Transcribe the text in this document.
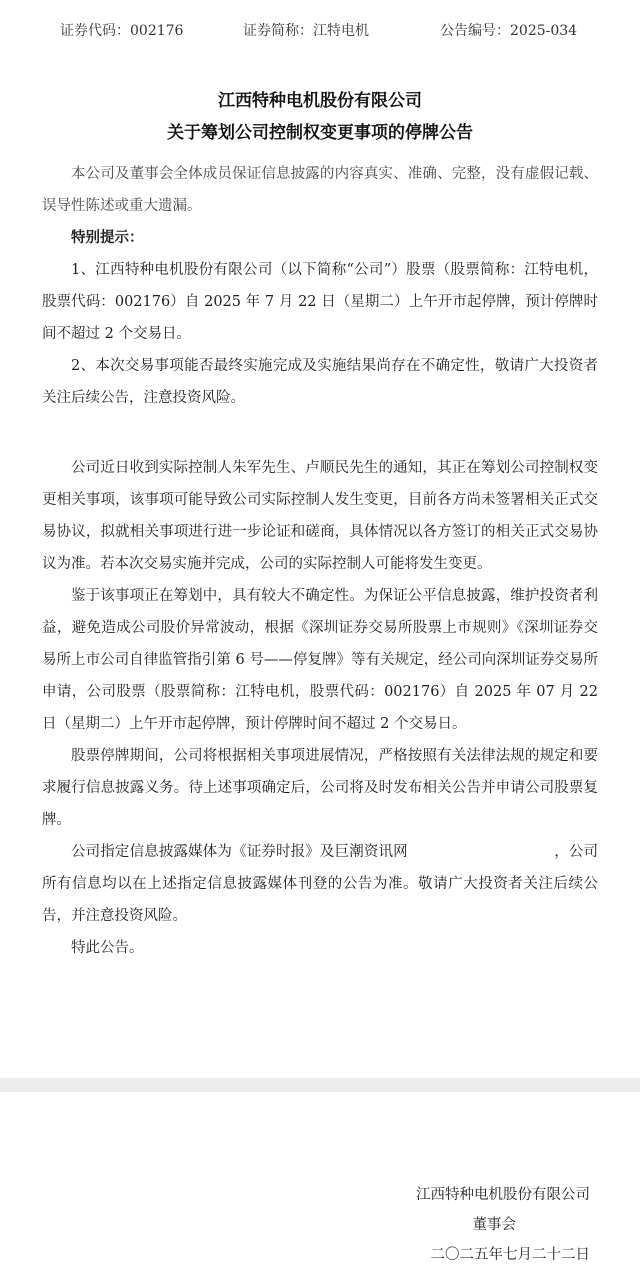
证券代码：002176	证券简称：江特电机	公告编号：2025-034
江西特种电机股份有限公司
关于筹划公司控制权变更事项的停牌公告

本公司及董事会全体成员保证信息披露的内容真实、准确、完整，没有虚假记载、误导性陈述或重大遗漏。

特别提示：

1、江西特种电机股份有限公司（以下简称“公司”）股票（股票简称：江特电机，股票代码：002176）自 2025 年 7 月 22 日（星期二）上午开市起停牌，预计停牌时间不超过 2 个交易日。

2、本次交易事项能否最终实施完成及实施结果尚存在不确定性，敬请广大投资者关注后续公告，注意投资风险。

公司近日收到实际控制人朱军先生、卢顺民先生的通知，其正在筹划公司控制权变更相关事项，该事项可能导致公司实际控制人发生变更，目前各方尚未签署相关正式交易协议，拟就相关事项进行进一步论证和磋商，具体情况以各方签订的相关正式交易协议为准。若本次交易实施并完成，公司的实际控制人可能将发生变更。

鉴于该事项正在筹划中，具有较大不确定性。为保证公平信息披露，维护投资者利益，避免造成公司股价异常波动，根据《深圳证券交易所股票上市规则》《深圳证券交易所上市公司自律监管指引第 6 号——停复牌》等有关规定，经公司向深圳证券交易所申请，公司股票（股票简称：江特电机，股票代码：002176）自 2025 年 07 月 22 日（星期二）上午开市起停牌，预计停牌时间不超过 2 个交易日。

股票停牌期间，公司将根据相关事项进展情况，严格按照有关法律法规的规定和要求履行信息披露义务。待上述事项确定后，公司将及时发布相关公告并申请公司股票复牌。

公司指定信息披露媒体为《证券时报》及巨潮资讯网　　　　　　　　　　，公司所有信息均以在上述指定信息披露媒体刊登的公告为准。敬请广大投资者关注后续公告，并注意投资风险。

特此公告。

江西特种电机股份有限公司
董事会
二〇二五年七月二十二日
